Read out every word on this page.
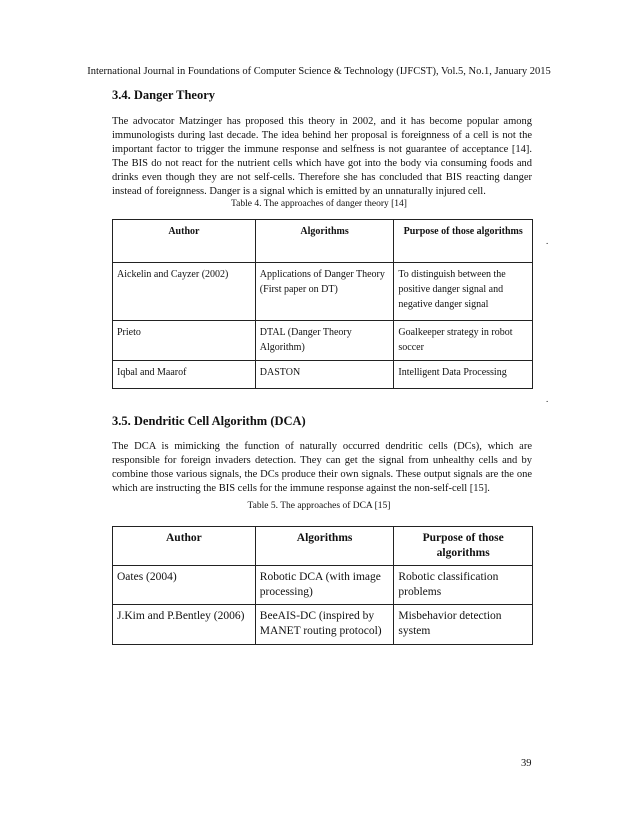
International Journal in Foundations of Computer Science & Technology (IJFCST), Vol.5, No.1, January 2015
3.4. Danger Theory

The advocator Matzinger has proposed this theory in 2002, and it has become popular among immunologists during last decade. The idea behind her proposal is foreignness of a cell is not the important factor to trigger the immune response and selfness is not guarantee of acceptance [14]. The BIS do not react for the nutrient cells which have got into the body via consuming foods and drinks even though they are not self-cells. Therefore she has concluded that BIS reacting danger instead of foreignness. Danger is a signal which is emitted by an unnaturally injured cell.

Table 4. The approaches of danger theory [14]
Author	Algorithms	Purpose of those algorithms
Aickelin and Cayzer (2002)	Applications of Danger Theory (First paper on DT)	To distinguish between the positive danger signal and negative danger signal
Prieto	DTAL (Danger Theory Algorithm)	Goalkeeper strategy in robot soccer
Iqbal and Maarof	DASTON	Intelligent Data Processing
.
.
3.5. Dendritic Cell Algorithm (DCA)

The DCA is mimicking the function of naturally occurred dendritic cells (DCs), which are responsible for foreign invaders detection. They can get the signal from unhealthy cells and by combine those various signals, the DCs produce their own signals. These output signals are the one which are instructing the BIS cells for the immune response against the non-self-cell [15].

Table 5. The approaches of DCA [15]
Author	Algorithms	Purpose of those algorithms
Oates (2004)	Robotic DCA (with image processing)	Robotic classification problems
J.Kim and P.Bentley (2006)	BeeAIS-DC (inspired by MANET routing protocol)	Misbehavior detection system
39
